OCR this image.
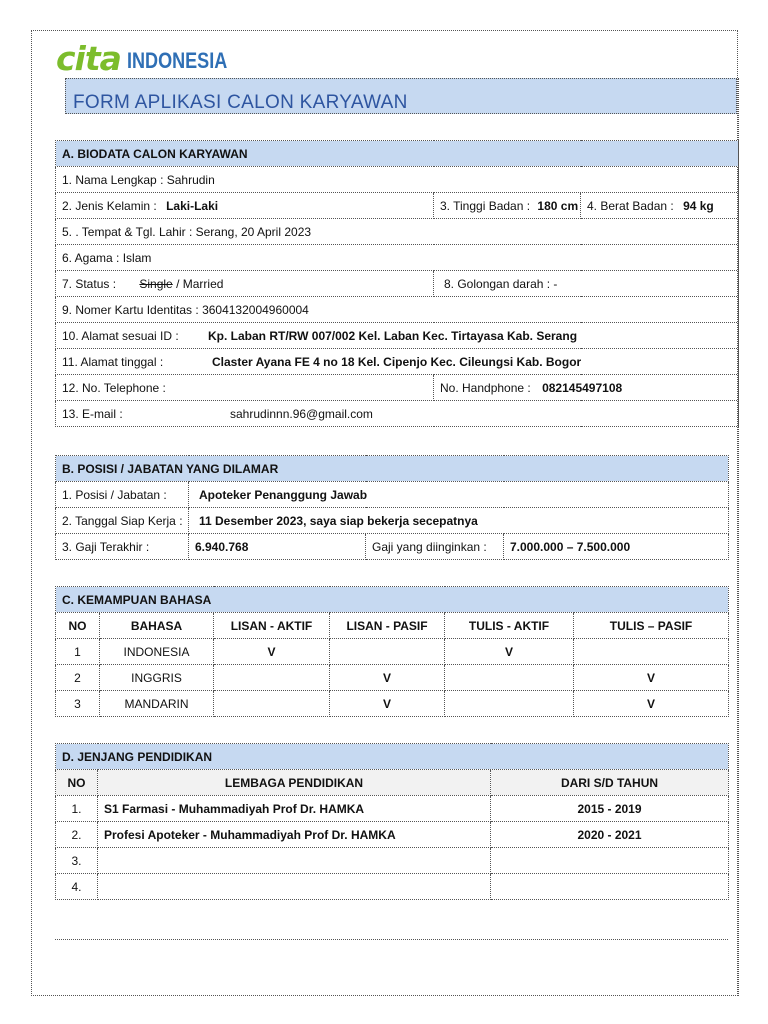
cita INDONESIA
FORM APLIKASI CALON KARYAWAN
A. BIODATA CALON KARYAWAN		
1. Nama Lengkap : Sahrudin		
2. Jenis Kelamin : Laki-Laki	3. Tinggi Badan : 180 cm	4. Berat Badan : 94 kg
5. . Tempat & Tgl. Lahir : Serang, 20 April 2023		
6. Agama : Islam		
7. Status : Single / Married	8. Golongan darah : -	
9. Nomer Kartu Identitas : 3604132004960004		
10. Alamat sesuai ID : Kp. Laban RT/RW 007/002 Kel. Laban Kec. Tirtayasa Kab. Serang		
11. Alamat tinggal : Claster Ayana FE 4 no 18 Kel. Cipenjo Kec. Cileungsi Kab. Bogor		
12. No. Telephone :	No. Handphone : 082145497108	
13. E-mail : sahrudinnn.96@gmail.com		
B. POSISI / JABATAN YANG DILAMAR			
1. Posisi / Jabatan :	Apoteker Penanggung Jawab		
2. Tanggal Siap Kerja :	11 Desember 2023, saya siap bekerja secepatnya		
3. Gaji Terakhir :	6.940.768	Gaji yang diinginkan :	7.000.000 – 7.500.000
C. KEMAMPUAN BAHASA					
NO	BAHASA	LISAN - AKTIF	LISAN - PASIF	TULIS - AKTIF	TULIS – PASIF
1	INDONESIA	V		V	
2	INGGRIS		V		V
3	MANDARIN		V		V
D. JENJANG PENDIDIKAN		
NO	LEMBAGA PENDIDIKAN	DARI S/D TAHUN
1.	S1 Farmasi - Muhammadiyah Prof Dr. HAMKA	2015 - 2019
2.	Profesi Apoteker - Muhammadiyah Prof Dr. HAMKA	2020 - 2021
3.		
4.		
